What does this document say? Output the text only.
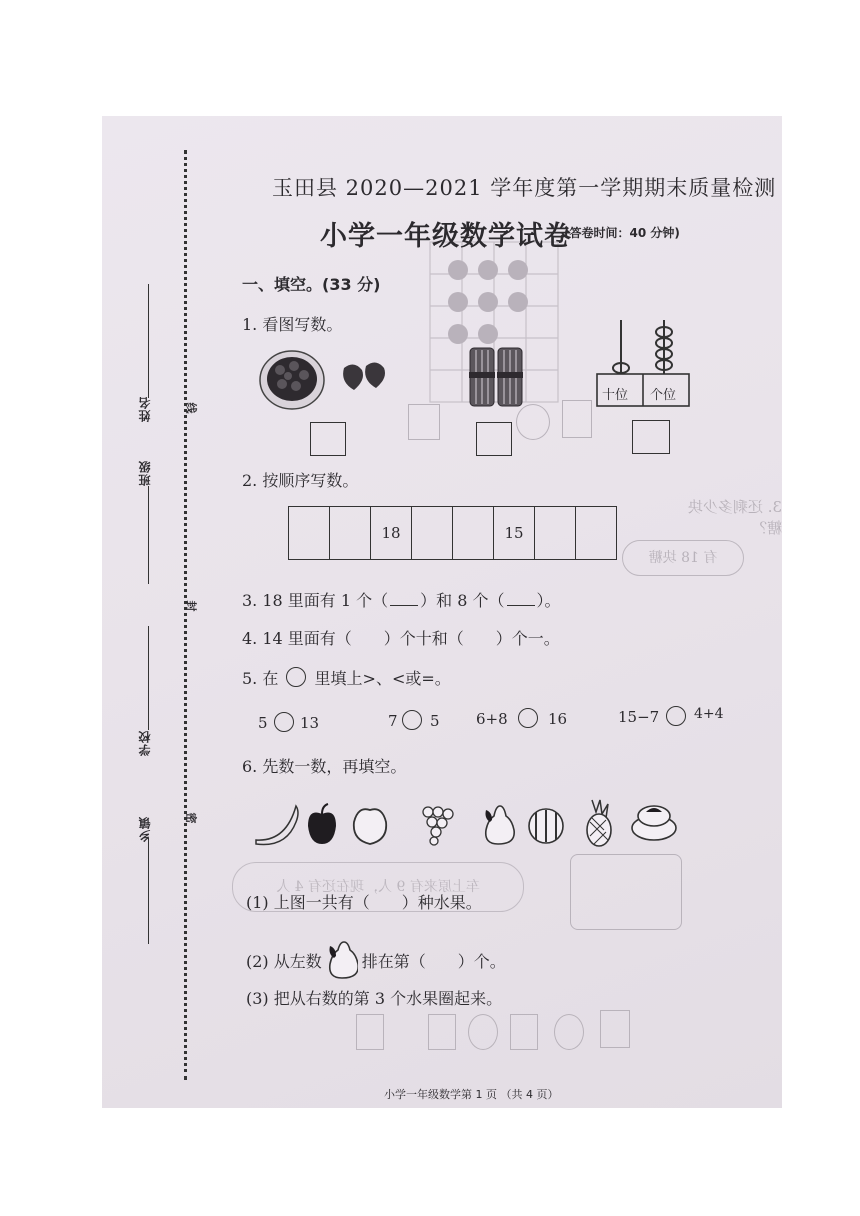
3. 还剩多少块糖？
有 18 块糖
车上原来有 9 人，现在还有 4 人
姓名
班级
学校
乡镇
线
封
密
玉田县 2020—2021 学年度第一学期期末质量检测
小学一年级数学试卷
(答卷时间：40 分钟)
一、填空。(33 分)
1. 看图写数。
十位 个位
2. 按顺序写数。
18	15
3. 18 里面有 1 个（ ）和 8 个（ ）。
4. 14 里面有（　　）个十和（　　）个一。
5. 在 里填上>、<或=。
5 13	7 5 6+8	16	15−7 4+4
6. 先数一数，再填空。
(1) 上图一共有（　　）种水果。
(2) 从左数	排在第（　　）个。
(3) 把从右数的第 3 个水果圈起来。
小学一年级数学第 1 页 （共 4 页）
